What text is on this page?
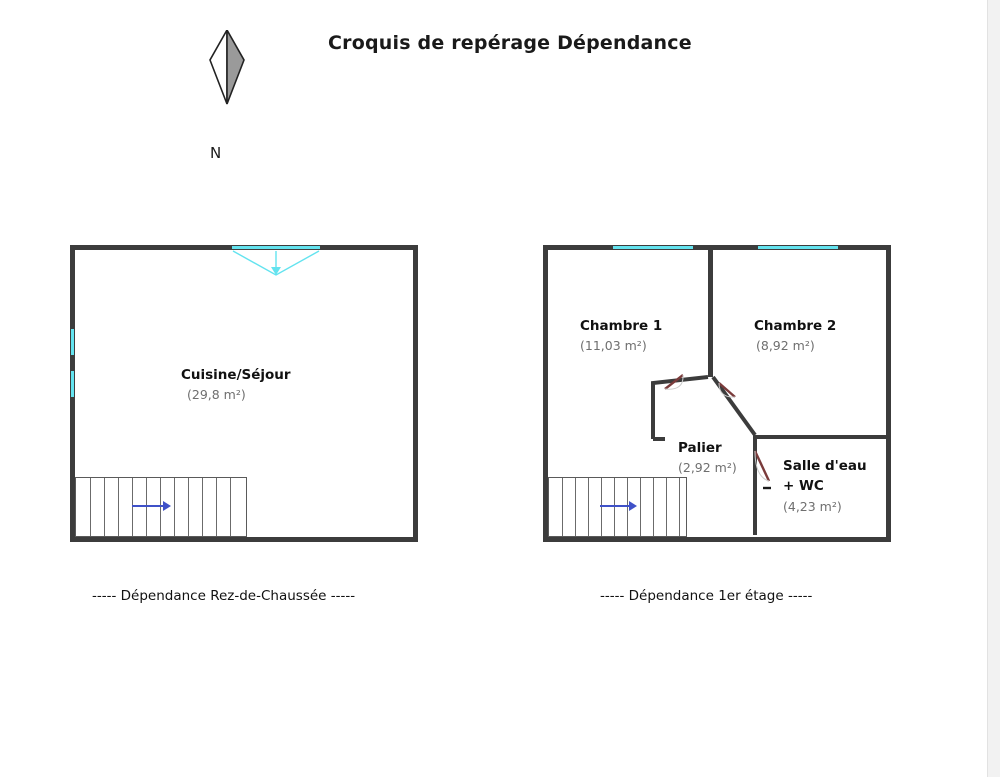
Croquis de repérage Dépendance
N
Cuisine/Séjour
(29,8 m²)
----- Dépendance Rez-de-Chaussée -----
Chambre 1
(11,03 m²)
Chambre 2
(8,92 m²)
Palier
(2,92 m²)	Salle d'eau
+ WC
(4,23 m²)
----- Dépendance 1er étage -----
